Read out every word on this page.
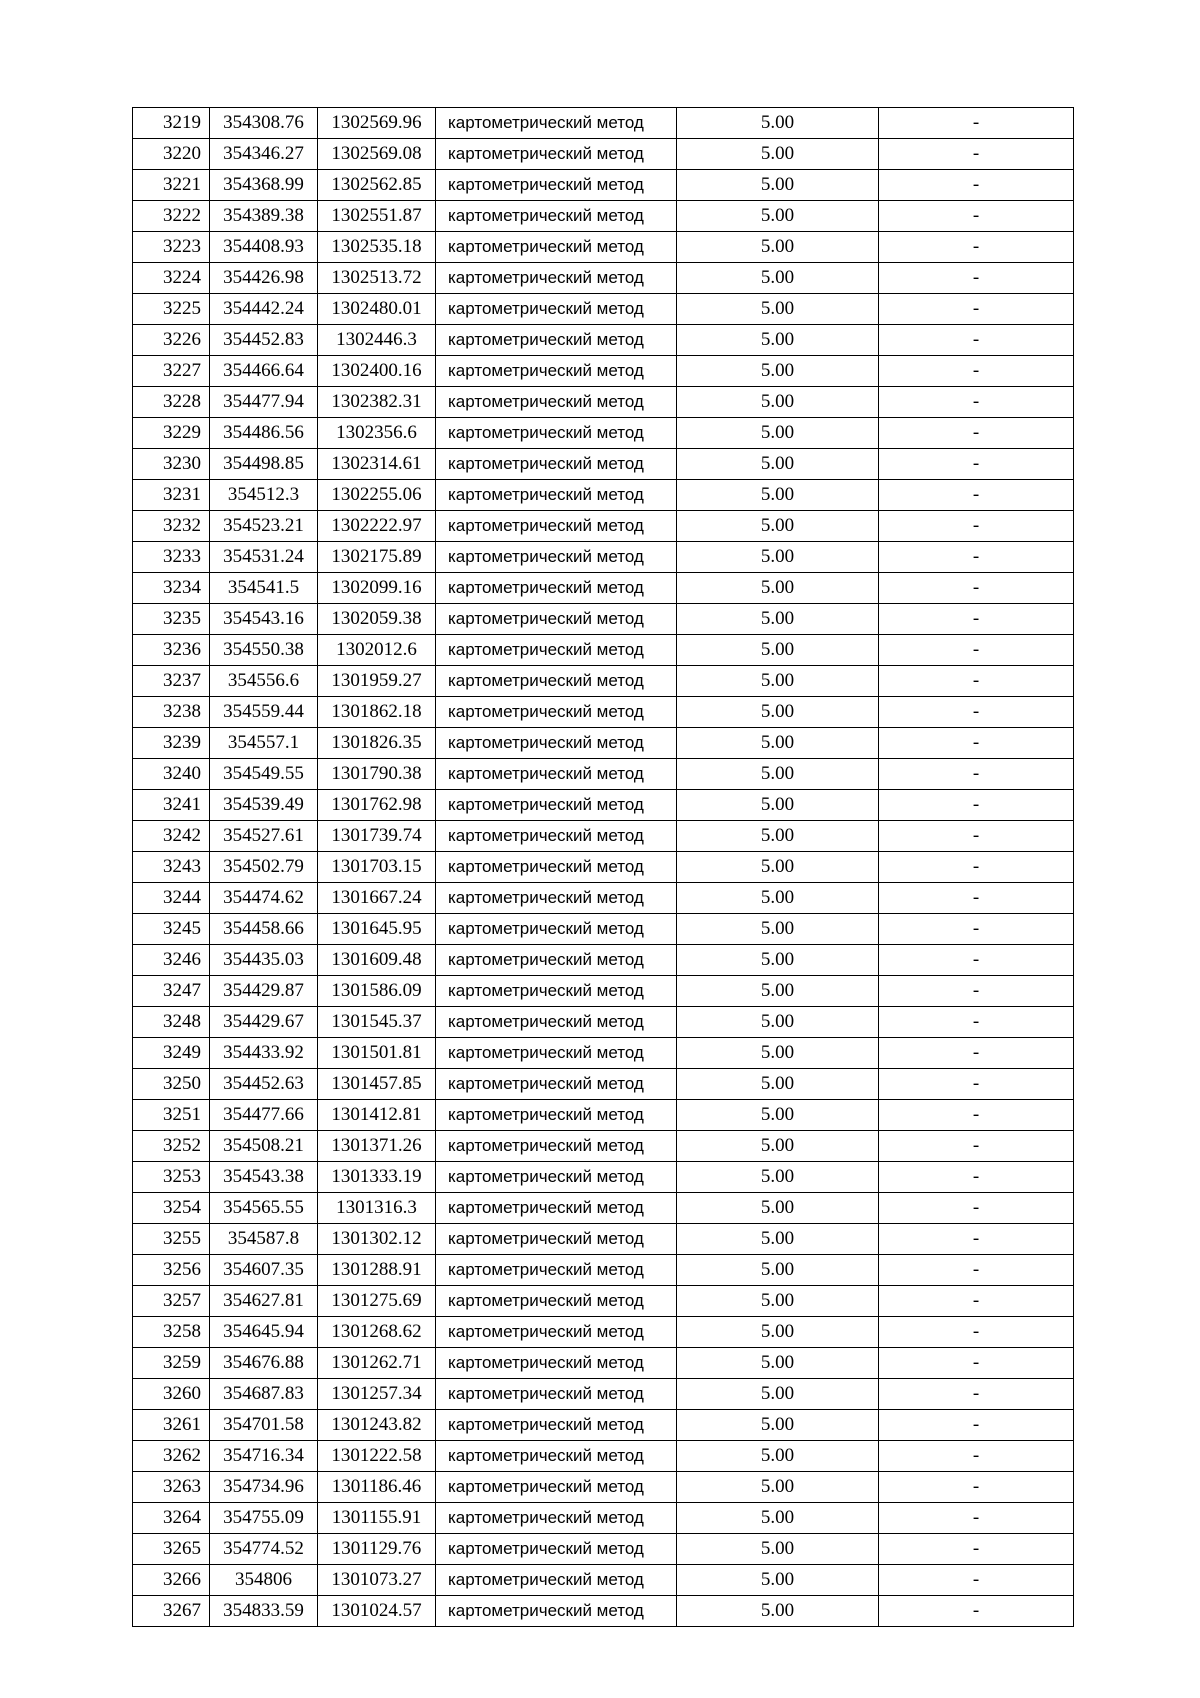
3219	354308.76	1302569.96	картометрический метод	5.00	-
3220	354346.27	1302569.08	картометрический метод	5.00	-
3221	354368.99	1302562.85	картометрический метод	5.00	-
3222	354389.38	1302551.87	картометрический метод	5.00	-
3223	354408.93	1302535.18	картометрический метод	5.00	-
3224	354426.98	1302513.72	картометрический метод	5.00	-
3225	354442.24	1302480.01	картометрический метод	5.00	-
3226	354452.83	1302446.3	картометрический метод	5.00	-
3227	354466.64	1302400.16	картометрический метод	5.00	-
3228	354477.94	1302382.31	картометрический метод	5.00	-
3229	354486.56	1302356.6	картометрический метод	5.00	-
3230	354498.85	1302314.61	картометрический метод	5.00	-
3231	354512.3	1302255.06	картометрический метод	5.00	-
3232	354523.21	1302222.97	картометрический метод	5.00	-
3233	354531.24	1302175.89	картометрический метод	5.00	-
3234	354541.5	1302099.16	картометрический метод	5.00	-
3235	354543.16	1302059.38	картометрический метод	5.00	-
3236	354550.38	1302012.6	картометрический метод	5.00	-
3237	354556.6	1301959.27	картометрический метод	5.00	-
3238	354559.44	1301862.18	картометрический метод	5.00	-
3239	354557.1	1301826.35	картометрический метод	5.00	-
3240	354549.55	1301790.38	картометрический метод	5.00	-
3241	354539.49	1301762.98	картометрический метод	5.00	-
3242	354527.61	1301739.74	картометрический метод	5.00	-
3243	354502.79	1301703.15	картометрический метод	5.00	-
3244	354474.62	1301667.24	картометрический метод	5.00	-
3245	354458.66	1301645.95	картометрический метод	5.00	-
3246	354435.03	1301609.48	картометрический метод	5.00	-
3247	354429.87	1301586.09	картометрический метод	5.00	-
3248	354429.67	1301545.37	картометрический метод	5.00	-
3249	354433.92	1301501.81	картометрический метод	5.00	-
3250	354452.63	1301457.85	картометрический метод	5.00	-
3251	354477.66	1301412.81	картометрический метод	5.00	-
3252	354508.21	1301371.26	картометрический метод	5.00	-
3253	354543.38	1301333.19	картометрический метод	5.00	-
3254	354565.55	1301316.3	картометрический метод	5.00	-
3255	354587.8	1301302.12	картометрический метод	5.00	-
3256	354607.35	1301288.91	картометрический метод	5.00	-
3257	354627.81	1301275.69	картометрический метод	5.00	-
3258	354645.94	1301268.62	картометрический метод	5.00	-
3259	354676.88	1301262.71	картометрический метод	5.00	-
3260	354687.83	1301257.34	картометрический метод	5.00	-
3261	354701.58	1301243.82	картометрический метод	5.00	-
3262	354716.34	1301222.58	картометрический метод	5.00	-
3263	354734.96	1301186.46	картометрический метод	5.00	-
3264	354755.09	1301155.91	картометрический метод	5.00	-
3265	354774.52	1301129.76	картометрический метод	5.00	-
3266	354806	1301073.27	картометрический метод	5.00	-
3267	354833.59	1301024.57	картометрический метод	5.00	-
